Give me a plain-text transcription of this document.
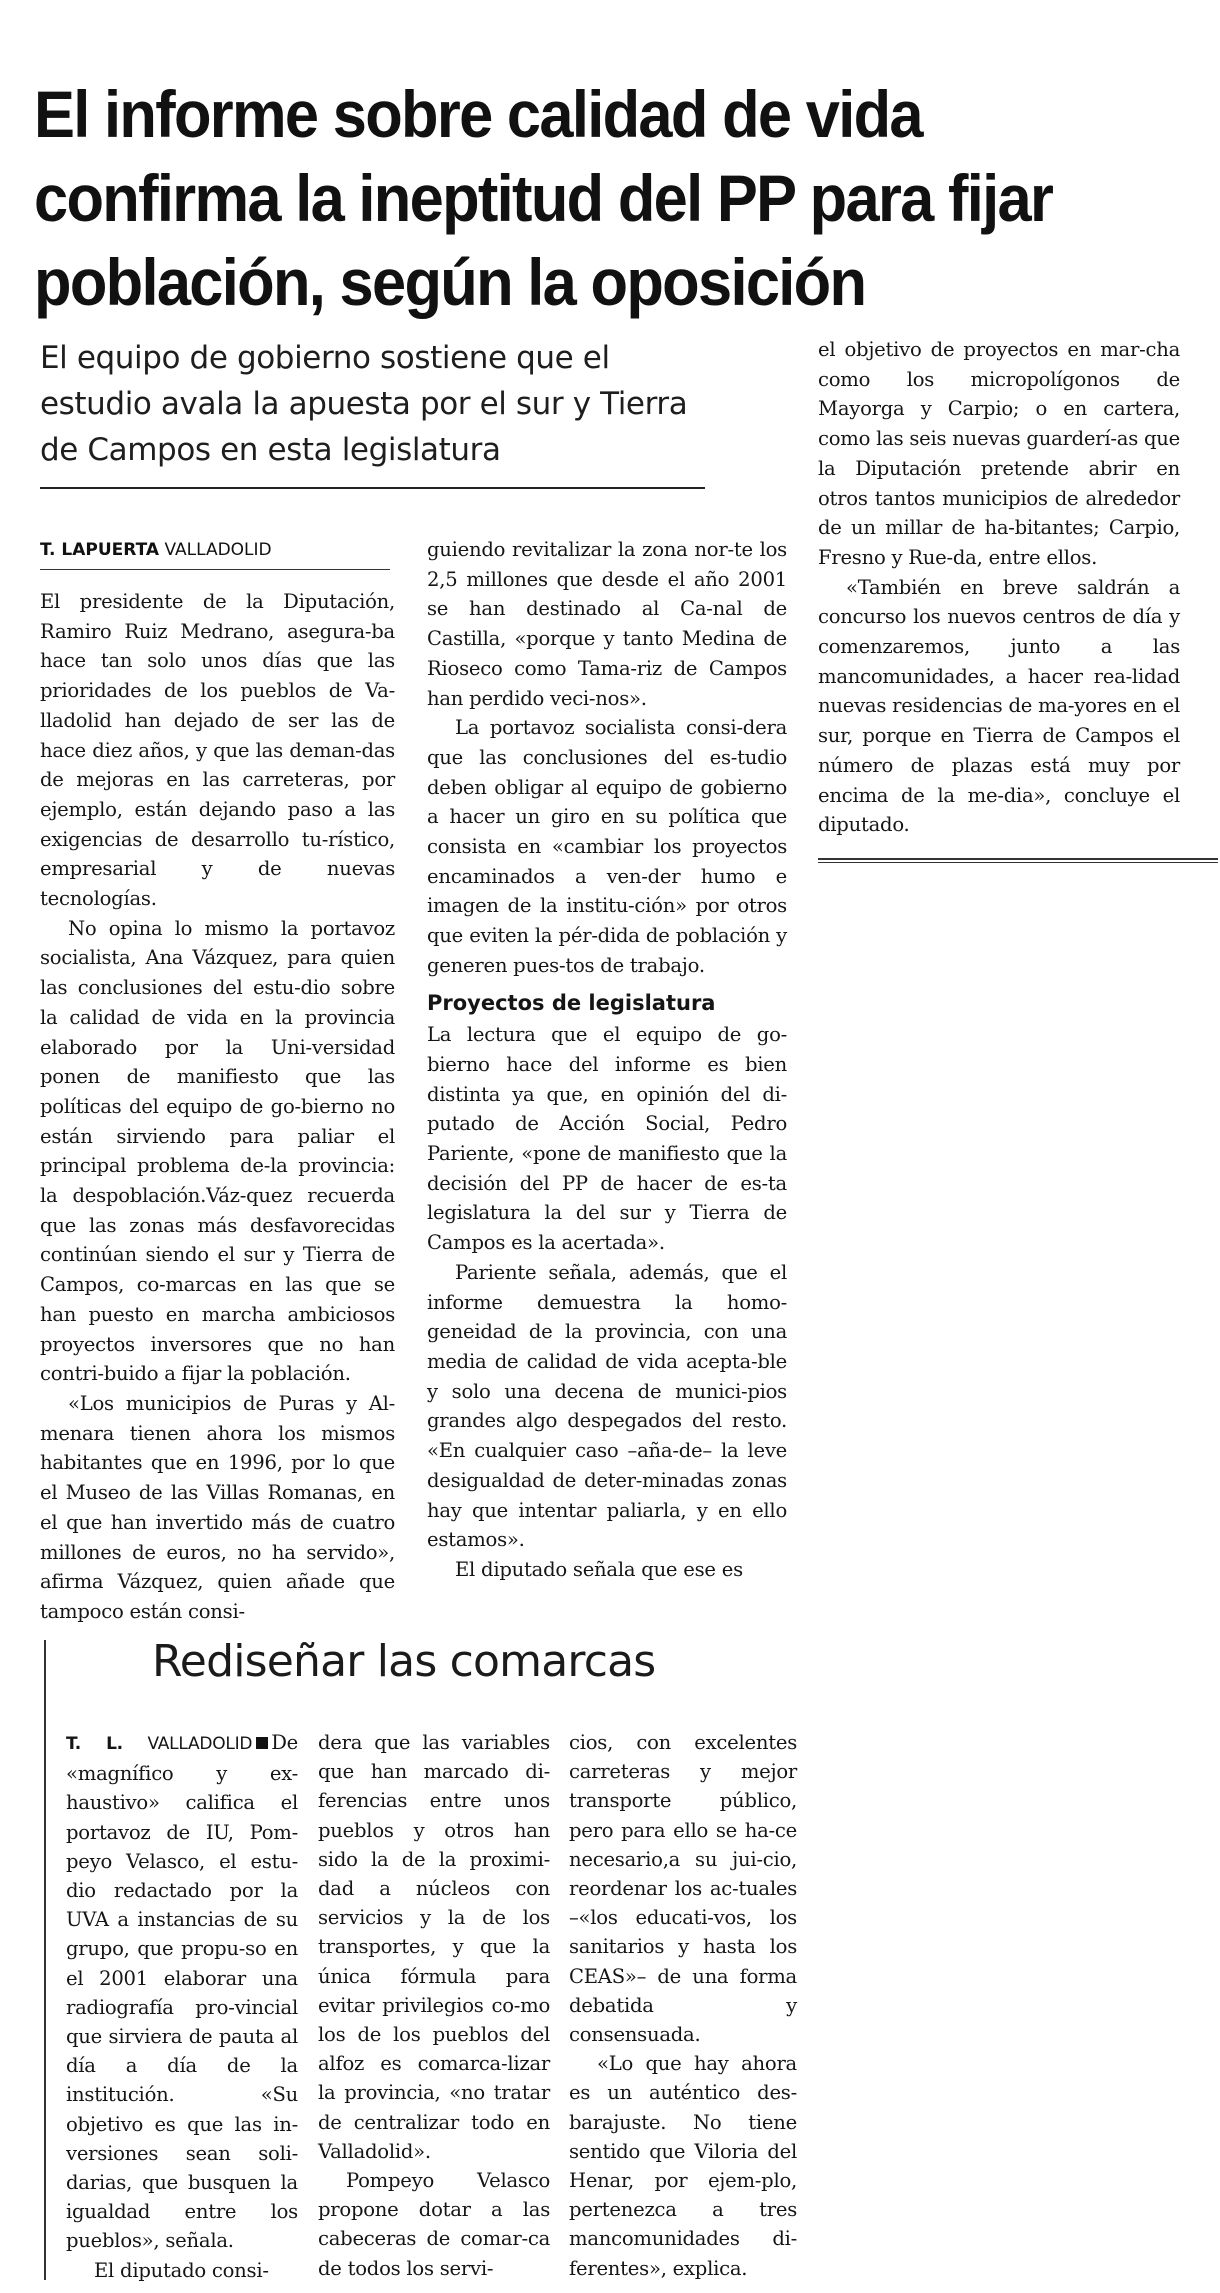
El informe sobre calidad de vida confirma la ineptitud del PP para fijar población, según la oposición
El equipo de gobierno sostiene que el estudio avala la apuesta por el sur y Tierra de Campos en esta legislatura
T. LAPUERTA VALLADOLID

El presidente de la Diputación, Ramiro Ruiz Medrano, asegura-ba hace tan solo unos días que las prioridades de los pueblos de Va-lladolid han dejado de ser las de hace diez años, y que las deman-das de mejoras en las carreteras, por ejemplo, están dejando paso a las exigencias de desarrollo tu-rístico, empresarial y de nuevas tecnologías.

No opina lo mismo la portavoz socialista, Ana Vázquez, para quien las conclusiones del estu-dio sobre la calidad de vida en la provincia elaborado por la Uni-versidad ponen de manifiesto que las políticas del equipo de go-bierno no están sirviendo para paliar el principal problema de-la provincia: la despoblación.Váz-quez recuerda que las zonas más desfavorecidas continúan siendo el sur y Tierra de Campos, co-marcas en las que se han puesto en marcha ambiciosos proyectos inversores que no han contri-buido a fijar la población.

«Los municipios de Puras y Al-menara tienen ahora los mismos habitantes que en 1996, por lo que el Museo de las Villas Romanas, en el que han invertido más de cuatro millones de euros, no ha servido», afirma Vázquez, quien añade que tampoco están consi-

guiendo revitalizar la zona nor-te los 2,5 millones que desde el año 2001 se han destinado al Ca-nal de Castilla, «porque y tanto Medina de Rioseco como Tama-riz de Campos han perdido veci-nos».

La portavoz socialista consi-dera que las conclusiones del es-tudio deben obligar al equipo de gobierno a hacer un giro en su política que consista en «cambiar los proyectos encaminados a ven-der humo e imagen de la institu-ción» por otros que eviten la pér-dida de población y generen pues-tos de trabajo.

Proyectos de legislatura

La lectura que el equipo de go-bierno hace del informe es bien distinta ya que, en opinión del di-putado de Acción Social, Pedro Pariente, «pone de manifiesto que la decisión del PP de hacer de es-ta legislatura la del sur y Tierra de Campos es la acertada».

Pariente señala, además, que el informe demuestra la homo-geneidad de la provincia, con una media de calidad de vida acepta-ble y solo una decena de munici-pios grandes algo despegados del resto. «En cualquier caso –aña-de– la leve desigualdad de deter-minadas zonas hay que intentar paliarla, y en ello estamos».

El diputado señala que ese es

el objetivo de proyectos en mar-cha como los micropolígonos de Mayorga y Carpio; o en cartera, como las seis nuevas guarderí-as que la Diputación pretende abrir en otros tantos municipios de alrededor de un millar de ha-bitantes; Carpio, Fresno y Rue-da, entre ellos.

«También en breve saldrán a concurso los nuevos centros de día y comenzaremos, junto a las mancomunidades, a hacer rea-lidad nuevas residencias de ma-yores en el sur, porque en Tierra de Campos el número de plazas está muy por encima de la me-dia», concluye el diputado.

Rediseñar las comarcas

T. L. VALLADOLID De «magnífico y ex-haustivo» califica el portavoz de IU, Pom-peyo Velasco, el estu-dio redactado por la UVA a instancias de su grupo, que propu-so en el 2001 elaborar una radiografía pro-vincial que sirviera de pauta al día a día de la institución. «Su objetivo es que las in-versiones sean soli-darias, que busquen la igualdad entre los pueblos», señala.

El diputado consi-

dera que las variables que han marcado di-ferencias entre unos pueblos y otros han sido la de la proximi-dad a núcleos con servicios y la de los transportes, y que la única fórmula para evitar privilegios co-mo los de los pueblos del alfoz es comarca-lizar la provincia, «no tratar de centralizar todo en Valladolid».

Pompeyo Velasco propone dotar a las cabeceras de comar-ca de todos los servi-

cios, con excelentes carreteras y mejor transporte público, pero para ello se ha-ce necesario,a su jui-cio, reordenar los ac-tuales –«los educati-vos, los sanitarios y hasta los CEAS»– de una forma debatida y consensuada.

«Lo que hay ahora es un auténtico des-barajuste. No tiene sentido que Viloria del Henar, por ejem-plo, pertenezca a tres mancomunidades di-ferentes», explica.
